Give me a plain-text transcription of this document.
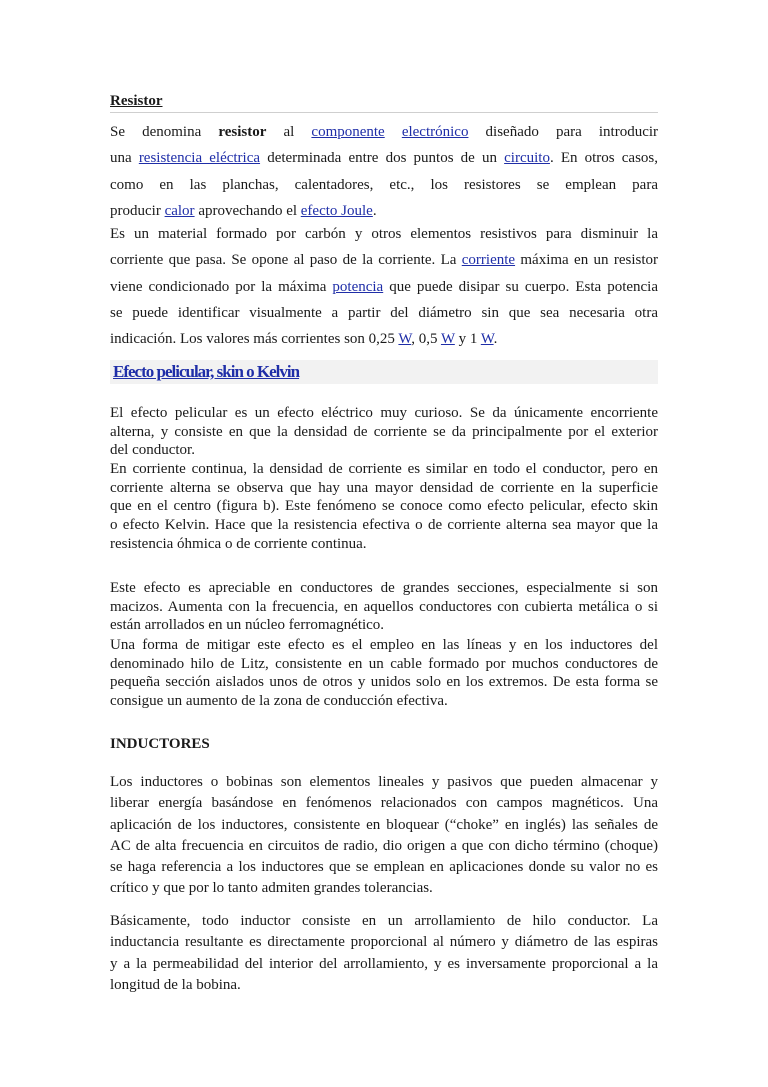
Resistor
Se denomina resistor al componente electrónico diseñado para introducir
una resistencia eléctrica determinada entre dos puntos de un circuito. En otros casos,
como en las planchas, calentadores, etc., los resistores se emplean para
producir calor aprovechando el efecto Joule.
Es un material formado por carbón y otros elementos resistivos para disminuir la
corriente que pasa. Se opone al paso de la corriente. La corriente máxima en un resistor
viene condicionado por la máxima potencia que puede disipar su cuerpo. Esta potencia
se puede identificar visualmente a partir del diámetro sin que sea necesaria otra
indicación. Los valores más corrientes son 0,25 W, 0,5 W y 1 W.
Efecto pelicular, skin o Kelvin
El efecto pelicular es un efecto eléctrico muy curioso. Se da únicamente encorriente
alterna, y consiste en que la densidad de corriente se da principalmente por el exterior
del conductor.
En corriente continua, la densidad de corriente es similar en todo el conductor, pero en
corriente alterna se observa que hay una mayor densidad de corriente en la superficie
que en el centro (figura b). Este fenómeno se conoce como efecto pelicular, efecto skin
o efecto Kelvin. Hace que la resistencia efectiva o de corriente alterna sea mayor que la
resistencia óhmica o de corriente continua.
Este efecto es apreciable en conductores de grandes secciones, especialmente si son
macizos. Aumenta con la frecuencia, en aquellos conductores con cubierta metálica o si
están arrollados en un núcleo ferromagnético.
Una forma de mitigar este efecto es el empleo en las líneas y en los inductores del
denominado hilo de Litz, consistente en un cable formado por muchos conductores de
pequeña sección aislados unos de otros y unidos solo en los extremos. De esta forma se
consigue un aumento de la zona de conducción efectiva.
INDUCTORES
Los inductores o bobinas son elementos lineales y pasivos que pueden almacenar y
liberar energía basándose en fenómenos relacionados con campos magnéticos. Una
aplicación de los inductores, consistente en bloquear (“choke” en inglés) las señales de
AC de alta frecuencia en circuitos de radio, dio origen a que con dicho término (choque)
se haga referencia a los inductores que se emplean en aplicaciones donde su valor no es
crítico y que por lo tanto admiten grandes tolerancias.
Básicamente, todo inductor consiste en un arrollamiento de hilo conductor. La
inductancia resultante es directamente proporcional al número y diámetro de las espiras
y a la permeabilidad del interior del arrollamiento, y es inversamente proporcional a la
longitud de la bobina.
